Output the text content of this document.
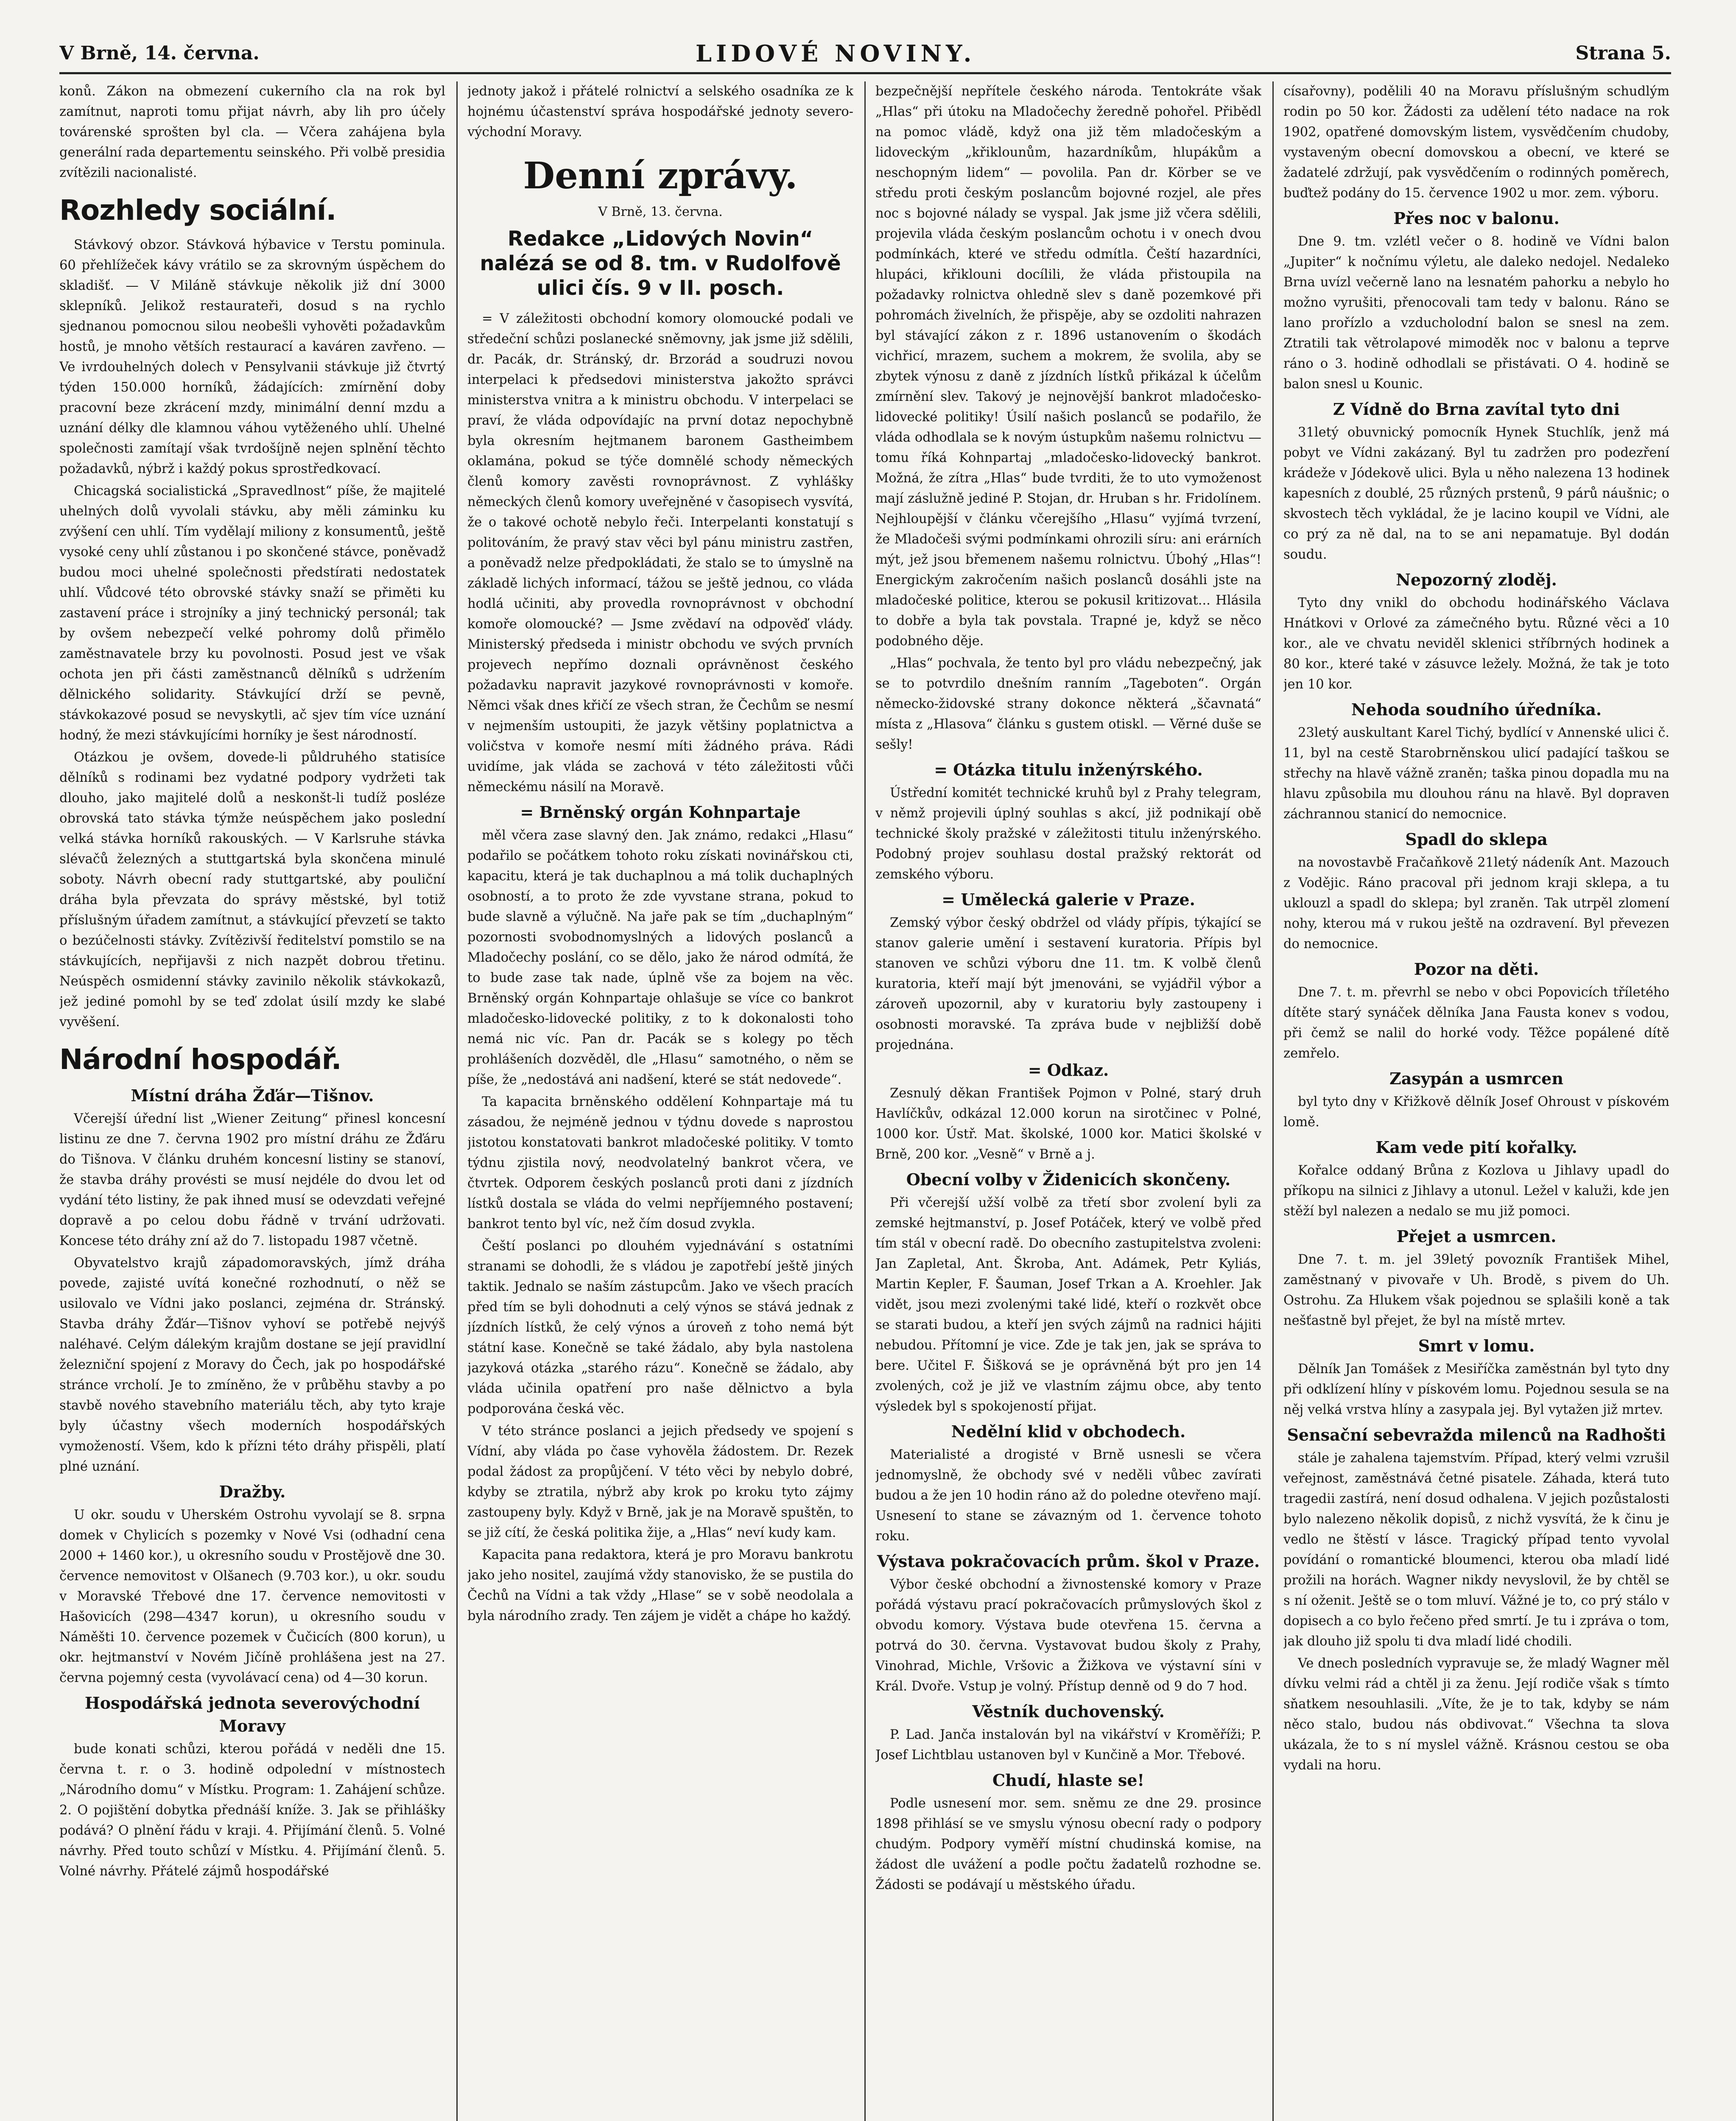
V Brně, 14. června.	LIDOVÉ NOVINY.	Strana 5.

konů. Zákon na obmezení cukerního cla na rok byl zamítnut, naproti tomu přijat návrh, aby lih pro účely továrenské sprošten byl cla. — Včera zahájena byla generální rada departementu seinského. Při volbě presidia zvítězili nacionalisté.

Rozhledy sociální.

Stávkový obzor. Stávková hýbavice v Terstu pominula. 60 přehlížeček kávy vrátilo se za skrovným úspěchem do skladišť. — V Miláně stávkuje několik již dní 3000 sklepníků. Jelikož restaurateři, dosud s na rychlo sjednanou pomocnou silou neobešli vyhověti požadavkům hostů, je mnoho větších restaurací a kaváren zavřeno. — Ve ivrdouhelných dolech v Pensylvanii stávkuje již čtvrtý týden 150.000 horníků, žádajících: zmírnění doby pracovní beze zkrácení mzdy, minimální denní mzdu a uznání délky dle klamnou váhou vytěženého uhlí. Uhelné společnosti zamítají však tvrdošíjně nejen splnění těchto požadavků, nýbrž i každý pokus sprostředkovací.

Chicagská socialistická „Spravedlnost“ píše, že majitelé uhelných dolů vyvolali stávku, aby měli záminku ku zvýšení cen uhlí. Tím vydělají miliony z konsumentů, ještě vysoké ceny uhlí zůstanou i po skončené stávce, poněvadž budou moci uhelné společnosti předstírati nedostatek uhlí. Vůdcové této obrovské stávky snaží se přiměti ku zastavení práce i strojníky a jiný technický personál; tak by ovšem nebezpečí velké pohromy dolů přimělo zaměstnavatele brzy ku povolnosti. Posud jest ve však ochota jen při části zaměstnanců dělníků s udržením dělnického solidarity. Stávkující drží se pevně, stávkokazové posud se nevyskytli, ač sjev tím více uznání hodný, že mezi stávkujícími horníky je šest národností.

Otázkou je ovšem, dovede-li půldruhého statisíce dělníků s rodinami bez vydatné podpory vydržeti tak dlouho, jako majitelé dolů a neskonšt-li tudíž posléze obrovská tato stávka týmže neúspěchem jako poslední velká stávka horníků rakouských. — V Karlsruhe stávka slévačů železných a stuttgartská byla skončena minulé soboty. Návrh obecní rady stuttgartské, aby pouliční dráha byla převzata do správy městské, byl totiž příslušným úřadem zamítnut, a stávkující převzetí se takto o bezúčelnosti stávky. Zvítězivší ředitelství pomstilo se na stávkujících, nepřijavši z nich nazpět dobrou třetinu. Neúspěch osmidenní stávky zavinilo několik stávkokazů, jež jediné pomohl by se teď zdolat úsilí mzdy ke slabé vyvěšení.

Národní hospodář.
Místní dráha Žďár—Tišnov.

Včerejší úřední list „Wiener Zeitung“ přinesl koncesní listinu ze dne 7. června 1902 pro místní dráhu ze Žďáru do Tišnova. V článku druhém koncesní listiny se stanoví, že stavba dráhy provésti se musí nejdéle do dvou let od vydání této listiny, že pak ihned musí se odevzdati veřejné dopravě a po celou dobu řádně v trvání udržovati. Koncese této dráhy zní až do 7. listopadu 1987 včetně.

Obyvatelstvo krajů západomoravských, jímž dráha povede, zajisté uvítá konečné rozhodnutí, o něž se usilovalo ve Vídni jako poslanci, zejména dr. Stránský. Stavba dráhy Žďár—Tišnov vyhoví se potřebě nejvýš naléhavé. Celým dálekým krajům dostane se její pravidlní železniční spojení z Moravy do Čech, jak po hospodářské stránce vrcholí. Je to zmíněno, že v průběhu stavby a po stavbě nového stavebního materiálu těch, aby tyto kraje byly účastny všech moderních hospodářských vymožeností. Všem, kdo k přízni této dráhy přispěli, platí plné uznání.

Dražby.

U okr. soudu v Uherském Ostrohu vyvolají se 8. srpna domek v Chylicích s pozemky v Nové Vsi (odhadní cena 2000 + 1460 kor.), u okresního soudu v Prostějově dne 30. července nemovitost v Olšanech (9.703 kor.), u okr. soudu v Moravské Třebové dne 17. července nemovitosti v Hašovicích (298—4347 korun), u okresního soudu v Náměšti 10. července pozemek v Čučicích (800 korun), u okr. hejtmanství v Novém Jičíně prohlášena jest na 27. června pojemný cesta (vyvolávací cena) od 4—30 korun.

Hospodářská jednota severovýchodní Moravy

bude konati schůzi, kterou pořádá v neděli dne 15. června t. r. o 3. hodině odpolední v místnostech „Národního domu“ v Místku. Program: 1. Zahájení schůze. 2. O pojištění dobytka přednáší kníže. 3. Jak se přihlášky podává? O plnění řádu v kraji. 4. Přijímání členů. 5. Volné návrhy. Před touto schůzí v Místku. 4. Přijímání členů. 5. Volné návrhy. Přátelé zájmů hospodářské

jednoty jakož i přátelé rolnictví a selského osadníka ze k hojnému účastenství správa hospodářské jednoty severo-východní Moravy.

Denní zprávy.
V Brně, 13. června.
Redakce „Lidových Novin“ nalézá se od 8. tm. v Rudolfově ulici čís. 9 v II. posch.

= V záležitosti obchodní komory olomoucké podali ve středeční schůzi poslanecké sněmovny, jak jsme již sdělili, dr. Pacák, dr. Stránský, dr. Brzorád a soudruzi novou interpelaci k předsedovi ministerstva jakožto správci ministerstva vnitra a k ministru obchodu. V interpelaci se praví, že vláda odpovídajíc na první dotaz nepochybně byla okresním hejtmanem baronem Gastheimbem oklamána, pokud se týče domnělé schody německých členů komory zavěsti rovnoprávnost. Z vyhlášky německých členů komory uveřejněné v časopisech vysvítá, že o takové ochotě nebylo řeči. Interpelanti konstatují s politováním, že pravý stav věci byl pánu ministru zastřen, a poněvadž nelze předpokládati, že stalo se to úmyslně na základě lichých informací, tážou se ještě jednou, co vláda hodlá učiniti, aby provedla rovnoprávnost v obchodní komoře olomoucké? — Jsme zvědaví na odpověď vlády. Ministerský předseda i ministr obchodu ve svých prvních projevech nepřímo doznali oprávněnost českého požadavku napravit jazykové rovnoprávnosti v komoře. Němci však dnes křičí ze všech stran, že Čechům se nesmí v nejmenším ustoupiti, že jazyk většiny poplatnictva a voličstva v komoře nesmí míti žádného práva. Rádi uvidíme, jak vláda se zachová v této záležitosti vůči německému násilí na Moravě.

= Brněnský orgán Kohnpartaje

měl včera zase slavný den. Jak známo, redakci „Hlasu“ podařilo se počátkem tohoto roku získati novinářskou cti, kapacitu, která je tak duchaplnou a má tolik duchaplných osobností, a to proto že zde vyvstane strana, pokud to bude slavně a výlučně. Na jaře pak se tím „duchaplným“ pozornosti svobodnomyslných a lidových poslanců a Mladočechy poslání, co se dělo, jako že národ odmítá, že to bude zase tak nade, úplně vše za bojem na věc. Brněnský orgán Kohnpartaje ohlašuje se více co bankrot mladočesko-lidovecké politiky, z to k dokonalosti toho nemá nic víc. Pan dr. Pacák se s kolegy po těch prohlášeních dozvěděl, dle „Hlasu“ samotného, o něm se píše, že „nedostává ani nadšení, které se stát nedovede“.

Ta kapacita brněnského oddělení Kohnpartaje má tu zásadou, že nejméně jednou v týdnu dovede s naprostou jistotou konstatovati bankrot mladočeské politiky. V tomto týdnu zjistila nový, neodvolatelný bankrot včera, ve čtvrtek. Odporem českých poslanců proti dani z jízdních lístků dostala se vláda do velmi nepříjemného postavení; bankrot tento byl víc, než čím dosud zvykla.

Čeští poslanci po dlouhém vyjednávání s ostatními stranami se dohodli, že s vládou je zapotřebí ještě jiných taktik. Jednalo se naším zástupcům. Jako ve všech pracích před tím se byli dohodnuti a celý výnos se stává jednak z jízdních lístků, že celý výnos a úroveň z toho nemá být státní kase. Konečně se také žádalo, aby byla nastolena jazyková otázka „starého rázu“. Konečně se žádalo, aby vláda učinila opatření pro naše dělnictvo a byla podporována česká věc.

V této stránce poslanci a jejich předsedy ve spojení s Vídní, aby vláda po čase vyhověla žádostem. Dr. Rezek podal žádost za propůjčení. V této věci by nebylo dobré, kdyby se ztratila, nýbrž aby krok po kroku tyto zájmy zastoupeny byly. Když v Brně, jak je na Moravě spuštěn, to se již cítí, že česká politika žije, a „Hlas“ neví kudy kam.

Kapacita pana redaktora, která je pro Moravu bankrotu jako jeho nositel, zaujímá vždy stanovisko, že se pustila do Čechů na Vídni a tak vždy „Hlase“ se v sobě neodolala a byla národního zrady. Ten zájem je vidět a chápe ho každý.

bezpečnější nepřítele českého národa. Tentokráte však „Hlas“ při útoku na Mladočechy žeredně pohořel. Přibědl na pomoc vládě, když ona již těm mladočeským a lidoveckým „křiklounům, hazardníkům, hlupákům a neschopným lidem“ — povolila. Pan dr. Körber se ve středu proti českým poslancům bojovné rozjel, ale přes noc s bojovné nálady se vyspal. Jak jsme již včera sdělili, projevila vláda českým poslancům ochotu i v onech dvou podmínkách, které ve středu odmítla. Čeští hazardníci, hlupáci, křiklouni docílili, že vláda přistoupila na požadavky rolnictva ohledně slev s daně pozemkové při pohromách živelních, že přispěje, aby se ozdoliti nahrazen byl stávající zákon z r. 1896 ustanovením o škodách vichřicí, mrazem, suchem a mokrem, že svolila, aby se zbytek výnosu z daně z jízdních lístků přikázal k účelům zmírnění slev. Takový je nejnovější bankrot mladočesko-lidovecké politiky! Úsilí našich poslanců se podařilo, že vláda odhodlala se k novým ústupkům našemu rolnictvu — tomu říká Kohnpartaj „mladočesko-lidovecký bankrot. Možná, že zítra „Hlas“ bude tvrditi, že to uto vymoženost mají záslužně jediné P. Stojan, dr. Hruban s hr. Fridolínem. Nejhloupější v článku včerejšího „Hlasu“ vyjímá tvrzení, že Mladočeši svými podmínkami ohrozili síru: ani erárních mýt, jež jsou břemenem našemu rolnictvu. Úbohý „Hlas“! Energickým zakročením našich poslanců dosáhli jste na mladočeské politice, kterou se pokusil kritizovat... Hlásila to dobře a byla tak povstala. Trapné je, když se něco podobného děje.

„Hlas“ pochvala, že tento byl pro vládu nebezpečný, jak se to potvrdilo dnešním ranním „Tageboten“. Orgán německo-židovské strany dokonce některá „ščavnatá“ místa z „Hlasova“ článku s gustem otiskl. — Věrné duše se sešly!

= Otázka titulu inženýrského.

Ústřední komitét technické kruhů byl z Prahy telegram, v němž projevili úplný souhlas s akcí, již podnikají obě technické školy pražské v záležitosti titulu inženýrského. Podobný projev souhlasu dostal pražský rektorát od zemského výboru.

= Umělecká galerie v Praze.

Zemský výbor český obdržel od vlády přípis, týkající se stanov galerie umění i sestavení kuratoria. Přípis byl stanoven ve schůzi výboru dne 11. tm. K volbě členů kuratoria, kteří mají být jmenováni, se vyjádřil výbor a zároveň upozornil, aby v kuratoriu byly zastoupeny i osobnosti moravské. Ta zpráva bude v nejbližší době projednána.

= Odkaz.

Zesnulý děkan František Pojmon v Polné, starý druh Havlíčkův, odkázal 12.000 korun na sirotčinec v Polné, 1000 kor. Ústř. Mat. školské, 1000 kor. Matici školské v Brně, 200 kor. „Vesně“ v Brně a j.

Obecní volby v Židenicích skončeny.

Při včerejší užší volbě za třetí sbor zvolení byli za zemské hejtmanství, p. Josef Potáček, který ve volbě před tím stál v obecní radě. Do obecního zastupitelstva zvoleni: Jan Zapletal, Ant. Škroba, Ant. Adámek, Petr Kyliás, Martin Kepler, F. Šauman, Josef Trkan a A. Kroehler. Jak vidět, jsou mezi zvolenými také lidé, kteří o rozkvět obce se starati budou, a kteří jen svých zájmů na radnici hájiti nebudou. Přítomní je vice. Zde je tak jen, jak se správa to bere. Učitel F. Šišková se je oprávněná být pro jen 14 zvolených, což je již ve vlastním zájmu obce, aby tento výsledek byl s spokojeností přijat.

Nedělní klid v obchodech.

Materialisté a drogisté v Brně usnesli se včera jednomyslně, že obchody své v neděli vůbec zavírati budou a že jen 10 hodin ráno až do poledne otevřeno mají. Usnesení to stane se závazným od 1. července tohoto roku.

Výstava pokračovacích prům. škol v Praze.

Výbor české obchodní a živnostenské komory v Praze pořádá výstavu prací pokračovacích průmyslových škol z obvodu komory. Výstava bude otevřena 15. června a potrvá do 30. června. Vystavovat budou školy z Prahy, Vinohrad, Michle, Vršovic a Žižkova ve výstavní síni v Král. Dvoře. Vstup je volný. Přístup denně od 9 do 7 hod.

Věstník duchovenský.

P. Lad. Janča instalován byl na vikářství v Kroměříži; P. Josef Lichtblau ustanoven byl v Kunčině a Mor. Třebové.

Chudí, hlaste se!

Podle usnesení mor. sem. sněmu ze dne 29. prosince 1898 přihlásí se ve smyslu výnosu obecní rady o podpory chudým. Podpory vyměří místní chudinská komise, na žádost dle uvážení a podle počtu žadatelů rozhodne se. Žádosti se podávají u městského úřadu.

císařovny), podělili 40 na Moravu příslušným schudlým rodin po 50 kor. Žádosti za udělení této nadace na rok 1902, opatřené domovským listem, vysvědčením chudoby, vystaveným obecní domovskou a obecní, ve které se žadatelé zdržují, pak vysvědčením o rodinných poměrech, buďtež podány do 15. července 1902 u mor. zem. výboru.

Přes noc v balonu.

Dne 9. tm. vzlétl večer o 8. hodině ve Vídni balon „Jupiter“ k nočnímu výletu, ale daleko nedojel. Nedaleko Brna uvízl večerně lano na lesnatém pahorku a nebylo ho možno vyrušiti, přenocovali tam tedy v balonu. Ráno se lano prořízlo a vzducholodní balon se snesl na zem. Ztratili tak větrolapové mimoděk noc v balonu a teprve ráno o 3. hodině odhodlali se přistávati. O 4. hodině se balon snesl u Kounic.

Z Vídně do Brna zavítal tyto dni

31letý obuvnický pomocník Hynek Stuchlík, jenž má pobyt ve Vídni zakázaný. Byl tu zadržen pro podezření krádeže v Jódekově ulici. Byla u něho nalezena 13 hodinek kapesních z doublé, 25 různých prstenů, 9 párů náušnic; o skvostech těch vykládal, že je lacino koupil ve Vídni, ale co prý za ně dal, na to se ani nepamatuje. Byl dodán soudu.

Nepozorný zloděj.

Tyto dny vnikl do obchodu hodinářského Václava Hnátkovi v Orlové za zámečného bytu. Různé věci a 10 kor., ale ve chvatu neviděl sklenici stříbrných hodinek a 80 kor., které také v zásuvce ležely. Možná, že tak je toto jen 10 kor.

Nehoda soudního úředníka.

23letý auskultant Karel Tichý, bydlící v Annenské ulici č. 11, byl na cestě Starobrněnskou ulicí padající taškou se střechy na hlavě vážně zraněn; taška pinou dopadla mu na hlavu způsobila mu dlouhou ránu na hlavě. Byl dopraven záchrannou stanicí do nemocnice.

Spadl do sklepa

na novostavbě Fračaňkově 21letý nádeník Ant. Mazouch z Vodějic. Ráno pracoval při jednom kraji sklepa, a tu uklouzl a spadl do sklepa; byl zraněn. Tak utrpěl zlomení nohy, kterou má v rukou ještě na ozdravení. Byl převezen do nemocnice.

Pozor na děti.

Dne 7. t. m. převrhl se nebo v obci Popovicích tříletého dítěte starý synáček dělníka Jana Fausta konev s vodou, při čemž se nalil do horké vody. Těžce popálené dítě zemřelo.

Zasypán a usmrcen

byl tyto dny v Křižkově dělník Josef Ohroust v pískovém lomě.

Kam vede pití kořalky.

Kořalce oddaný Brůna z Kozlova u Jihlavy upadl do příkopu na silnici z Jihlavy a utonul. Ležel v kaluži, kde jen stěží byl nalezen a nedalo se mu již pomoci.

Přejet a usmrcen.

Dne 7. t. m. jel 39letý povozník František Mihel, zaměstnaný v pivovaře v Uh. Brodě, s pivem do Uh. Ostrohu. Za Hlukem však pojednou se splašili koně a tak nešťastně byl přejet, že byl na místě mrtev.

Smrt v lomu.

Dělník Jan Tomášek z Mesiříčka zaměstnán byl tyto dny při odklízení hlíny v pískovém lomu. Pojednou sesula se na něj velká vrstva hlíny a zasypala jej. Byl vytažen již mrtev.

Sensační sebevražda milenců na Radhošti

stále je zahalena tajemstvím. Případ, který velmi vzrušil veřejnost, zaměstnává četné pisatele. Záhada, která tuto tragedii zastírá, není dosud odhalena. V jejich pozůstalosti bylo nalezeno několik dopisů, z nichž vysvítá, že k činu je vedlo ne štěstí v lásce. Tragický případ tento vyvolal povídání o romantické bloumenci, kterou oba mladí lidé prožili na horách. Wagner nikdy nevyslovil, že by chtěl se s ní oženit. Ještě se o tom mluví. Vážné je to, co prý stálo v dopisech a co bylo řečeno před smrtí. Je tu i zpráva o tom, jak dlouho již spolu ti dva mladí lidé chodili.

Ve dnech posledních vypravuje se, že mladý Wagner měl dívku velmi rád a chtěl ji za ženu. Její rodiče však s tímto sňatkem nesouhlasili. „Víte, že je to tak, kdyby se nám něco stalo, budou nás obdivovat.“ Všechna ta slova ukázala, že to s ní myslel vážně. Krásnou cestou se oba vydali na horu.
